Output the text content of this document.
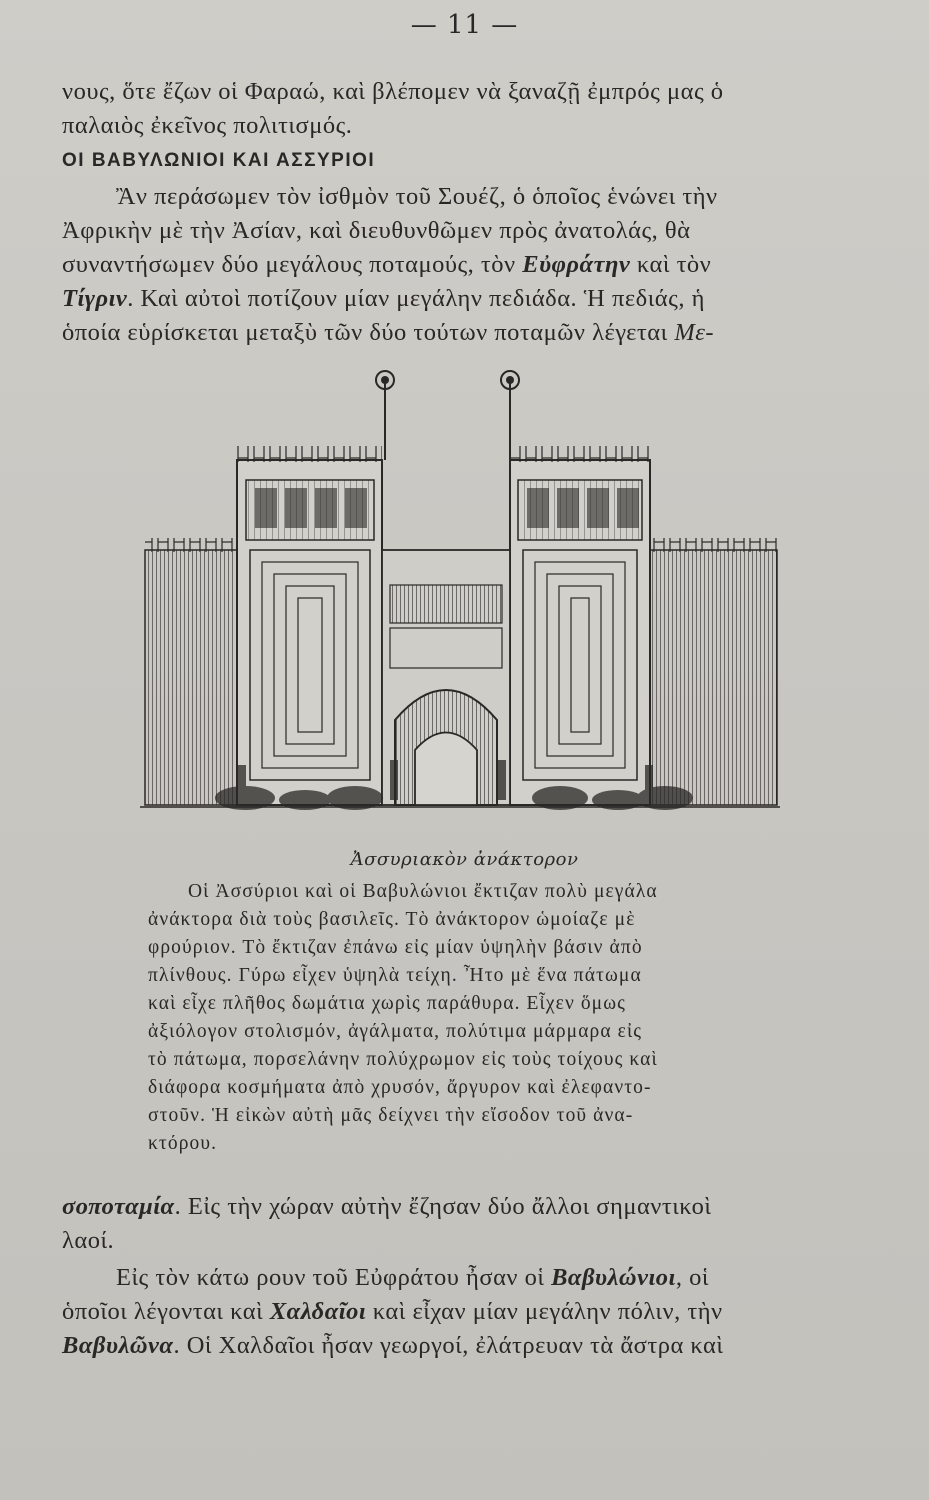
— 11 —
νους, ὅτε ἔζων οἱ Φαραώ, καὶ βλέπομεν νὰ ξαναζῇ ἐμπρός μας ὁ
παλαιὸς ἐκεῖνος πολιτισμός.
ΟΙ ΒΑΒΥΛΩΝΙΟΙ ΚΑΙ ΑΣΣΥΡΙΟΙ
Ἂν περάσωμεν τὸν ἰσθμὸν τοῦ Σουέζ, ὁ ὁποῖος ἑνώνει τὴν
Ἀφρικὴν μὲ τὴν Ἀσίαν, καὶ διευθυνθῶμεν πρὸς ἀνατολάς, θὰ
συναντήσωμεν δύο μεγάλους ποταμούς, τὸν Εὐφράτην καὶ τὸν
Τίγριν. Καὶ αὐτοὶ ποτίζουν μίαν μεγάλην πεδιάδα. Ἡ πεδιάς, ἡ
ὁποία εὑρίσκεται μεταξὺ τῶν δύο τούτων ποταμῶν λέγεται Με-
Ἀσσυριακὸν ἀνάκτορον
Οἱ Ἀσσύριοι καὶ οἱ Βαβυλώνιοι ἔκτιζαν πολὺ μεγάλα
ἀνάκτορα διὰ τοὺς βασιλεῖς. Τὸ ἀνάκτορον ὡμοίαζε μὲ
φρούριον. Τὸ ἔκτιζαν ἐπάνω εἰς μίαν ὑψηλὴν βάσιν ἀπὸ
πλίνθους. Γύρω εἶχεν ὑψηλὰ τείχη. Ἦτο μὲ ἕνα πάτωμα
καὶ εἶχε πλῆθος δωμάτια χωρὶς παράθυρα. Εἶχεν ὅμως
ἀξιόλογον στολισμόν, ἀγάλματα, πολύτιμα μάρμαρα εἰς
τὸ πάτωμα, πορσελάνην πολύχρωμον εἰς τοὺς τοίχους καὶ
διάφορα κοσμήματα ἀπὸ χρυσόν, ἄργυρον καὶ ἐλεφαντο-
στοῦν. Ἡ εἰκὼν αὐτὴ μᾶς δείχνει τὴν εἴσοδον τοῦ ἀνα-
κτόρου.
σοποταμία. Εἰς τὴν χώραν αὐτὴν ἔζησαν δύο ἄλλοι σημαντικοὶ
λαοί.
Εἰς τὸν κάτω ρουν τοῦ Εὐφράτου ἦσαν οἱ Βαβυλώνιοι, οἱ
ὁποῖοι λέγονται καὶ Χαλδαῖοι καὶ εἶχαν μίαν μεγάλην πόλιν, τὴν
Βαβυλῶνα. Οἱ Χαλδαῖοι ἦσαν γεωργοί, ἐλάτρευαν τὰ ἄστρα καὶ
